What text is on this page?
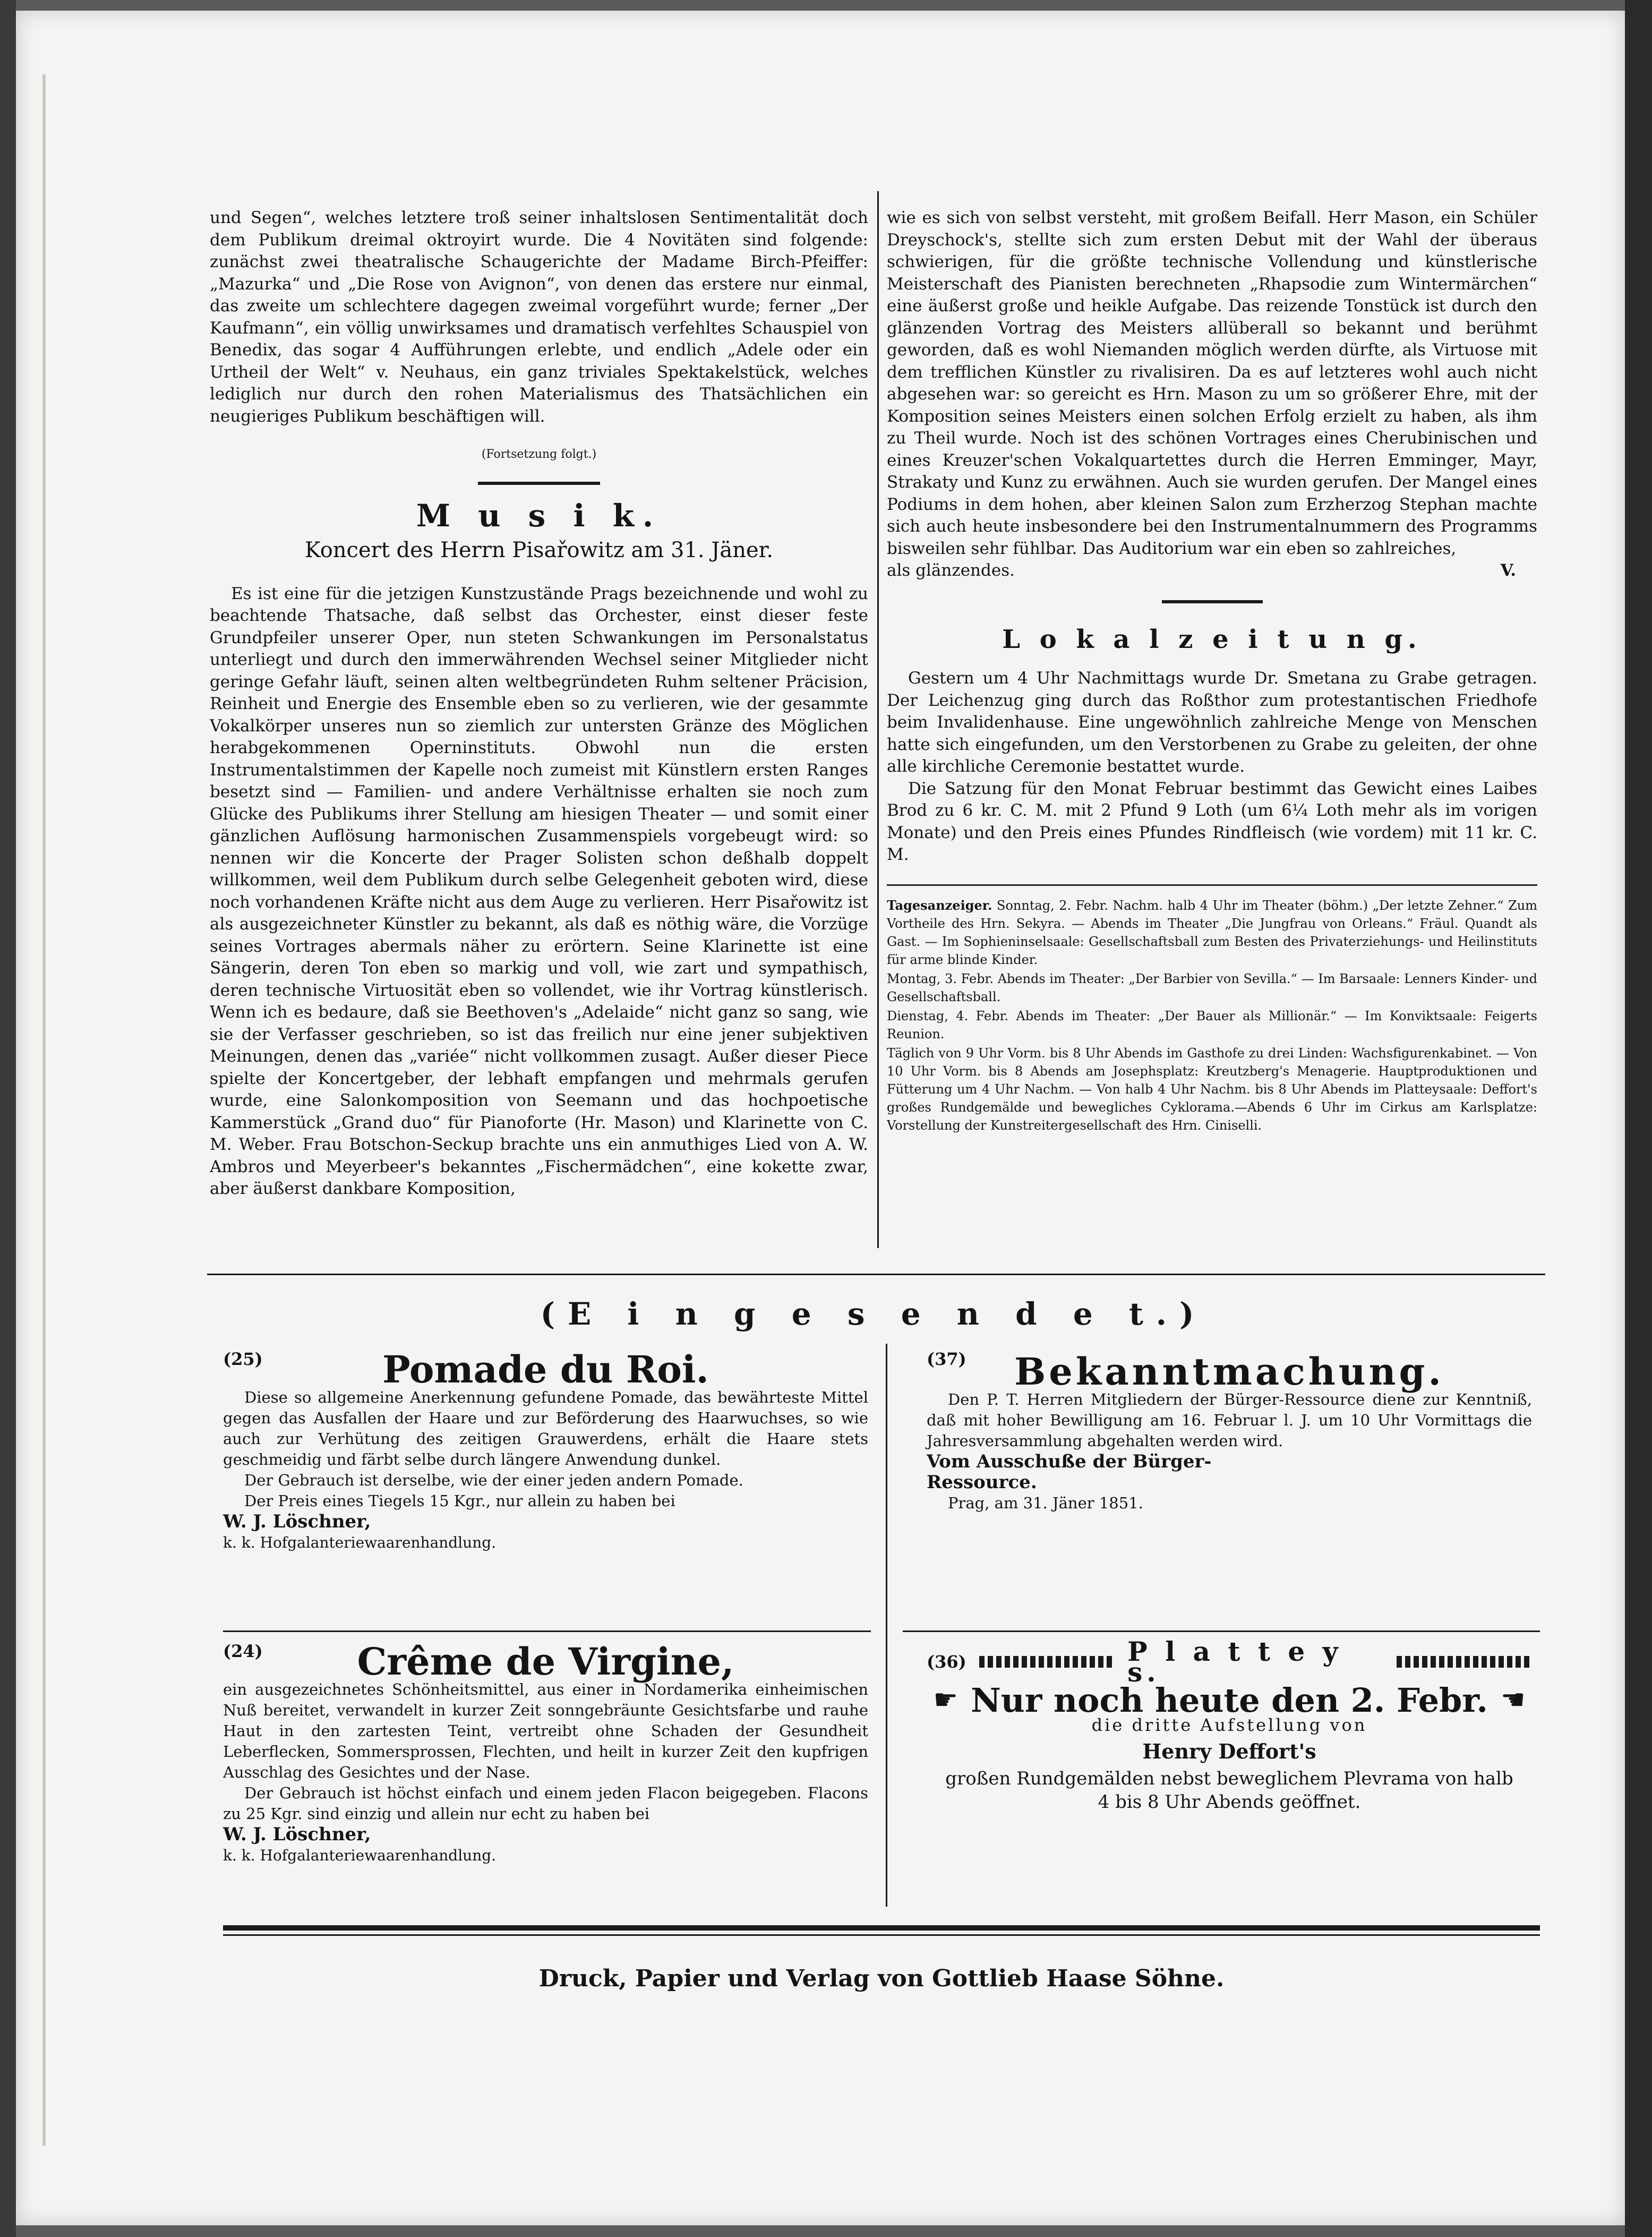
und Segen“, welches letztere troß seiner inhaltslosen Sentimentalität doch dem Publikum dreimal oktroyirt wurde. Die 4 Novitäten sind folgende: zunächst zwei theatralische Schaugerichte der Madame Birch-Pfeiffer: „Mazurka“ und „Die Rose von Avignon“, von denen das erstere nur einmal, das zweite um schlechtere dagegen zweimal vorgeführt wurde; ferner „Der Kaufmann“, ein völlig unwirksames und dramatisch verfehltes Schauspiel von Benedix, das sogar 4 Aufführungen erlebte, und endlich „Adele oder ein Urtheil der Welt“ v. Neuhaus, ein ganz triviales Spektakelstück, welches lediglich nur durch den rohen Materialismus des Thatsächlichen ein neugieriges Publikum beschäftigen will.

(Fortsetzung folgt.)
M u s i k.
Koncert des Herrn Pisařowitz am 31. Jäner.

Es ist eine für die jetzigen Kunstzustände Prags bezeichnende und wohl zu beachtende Thatsache, daß selbst das Orchester, einst dieser feste Grundpfeiler unserer Oper, nun steten Schwankungen im Personalstatus unterliegt und durch den immerwährenden Wechsel seiner Mitglieder nicht geringe Gefahr läuft, seinen alten weltbegründeten Ruhm seltener Präcision, Reinheit und Energie des Ensemble eben so zu verlieren, wie der gesammte Vokalkörper unseres nun so ziemlich zur untersten Gränze des Möglichen herabgekommenen Operninstituts. Obwohl nun die ersten Instrumentalstimmen der Kapelle noch zumeist mit Künstlern ersten Ranges besetzt sind — Familien- und andere Verhältnisse erhalten sie noch zum Glücke des Publikums ihrer Stellung am hiesigen Theater — und somit einer gänzlichen Auflösung harmonischen Zusammenspiels vorgebeugt wird: so nennen wir die Koncerte der Prager Solisten schon deßhalb doppelt willkommen, weil dem Publikum durch selbe Gelegenheit geboten wird, diese noch vorhandenen Kräfte nicht aus dem Auge zu verlieren. Herr Pisařowitz ist als ausgezeichneter Künstler zu bekannt, als daß es nöthig wäre, die Vorzüge seines Vortrages abermals näher zu erörtern. Seine Klarinette ist eine Sängerin, deren Ton eben so markig und voll, wie zart und sympathisch, deren technische Virtuosität eben so vollendet, wie ihr Vortrag künstlerisch. Wenn ich es bedaure, daß sie Beethoven's „Adelaide“ nicht ganz so sang, wie sie der Verfasser geschrieben, so ist das freilich nur eine jener subjektiven Meinungen, denen das „variée“ nicht vollkommen zusagt. Außer dieser Piece spielte der Koncertgeber, der lebhaft empfangen und mehrmals gerufen wurde, eine Salonkomposition von Seemann und das hochpoetische Kammerstück „Grand duo“ für Pianoforte (Hr. Mason) und Klarinette von C. M. Weber. Frau Botschon-Seckup brachte uns ein anmuthiges Lied von A. W. Ambros und Meyerbeer's bekanntes „Fischermädchen“, eine kokette zwar, aber äußerst dankbare Komposition,

wie es sich von selbst versteht, mit großem Beifall. Herr Mason, ein Schüler Dreyschock's, stellte sich zum ersten Debut mit der Wahl der überaus schwierigen, für die größte technische Vollendung und künstlerische Meisterschaft des Pianisten berechneten „Rhapsodie zum Wintermärchen“ eine äußerst große und heikle Aufgabe. Das reizende Tonstück ist durch den glänzenden Vortrag des Meisters allüberall so bekannt und berühmt geworden, daß es wohl Niemanden möglich werden dürfte, als Virtuose mit dem trefflichen Künstler zu rivalisiren. Da es auf letzteres wohl auch nicht abgesehen war: so gereicht es Hrn. Mason zu um so größerer Ehre, mit der Komposition seines Meisters einen solchen Erfolg erzielt zu haben, als ihm zu Theil wurde. Noch ist des schönen Vortrages eines Cherubinischen und eines Kreuzer'schen Vokalquartettes durch die Herren Emminger, Mayr, Strakaty und Kunz zu erwähnen. Auch sie wurden gerufen. Der Mangel eines Podiums in dem hohen, aber kleinen Salon zum Erzherzog Stephan machte sich auch heute insbesondere bei den Instrumentalnummern des Programms bisweilen sehr fühlbar. Das Auditorium war ein eben so zahlreiches,

als glänzendes.	V.
L o k a l z e i t u n g.

Gestern um 4 Uhr Nachmittags wurde Dr. Smetana zu Grabe getragen. Der Leichenzug ging durch das Roßthor zum protestantischen Friedhofe beim Invalidenhause. Eine ungewöhnlich zahlreiche Menge von Menschen hatte sich eingefunden, um den Verstorbenen zu Grabe zu geleiten, der ohne alle kirchliche Ceremonie bestattet wurde.

Die Satzung für den Monat Februar bestimmt das Gewicht eines Laibes Brod zu 6 kr. C. M. mit 2 Pfund 9 Loth (um 6¼ Loth mehr als im vorigen Monate) und den Preis eines Pfundes Rindfleisch (wie vordem) mit 11 kr. C. M.

Tagesanzeiger. Sonntag, 2. Febr. Nachm. halb 4 Uhr im Theater (böhm.) „Der letzte Zehner.“ Zum Vortheile des Hrn. Sekyra. — Abends im Theater „Die Jungfrau von Orleans.“ Fräul. Quandt als Gast. — Im Sophieninselsaale: Gesellschaftsball zum Besten des Privaterziehungs- und Heilinstituts für arme blinde Kinder.

Montag, 3. Febr. Abends im Theater: „Der Barbier von Sevilla.“ — Im Barsaale: Lenners Kinder- und Gesellschaftsball.

Dienstag, 4. Febr. Abends im Theater: „Der Bauer als Millionär.“ — Im Konviktsaale: Feigerts Reunion.

Täglich von 9 Uhr Vorm. bis 8 Uhr Abends im Gasthofe zu drei Linden: Wachsfigurenkabinet. — Von 10 Uhr Vorm. bis 8 Abends am Josephsplatz: Kreutzberg's Menagerie. Hauptproduktionen und Fütterung um 4 Uhr Nachm. — Von halb 4 Uhr Nachm. bis 8 Uhr Abends im Platteysaale: Deffort's großes Rundgemälde und bewegliches Cyklorama.—Abends 6 Uhr im Cirkus am Karlsplatze: Vorstellung der Kunstreitergesellschaft des Hrn. Ciniselli.

(E i n g e s e n d e t.)
(25)	Pomade du Roi.

Diese so allgemeine Anerkennung gefundene Pomade, das bewährteste Mittel gegen das Ausfallen der Haare und zur Beförderung des Haarwuchses, so wie auch zur Verhütung des zeitigen Grauwerdens, erhält die Haare stets geschmeidig und färbt selbe durch längere Anwendung dunkel.

Der Gebrauch ist derselbe, wie der einer jeden andern Pomade.

Der Preis eines Tiegels 15 Kgr., nur allein zu haben bei

W. J. Löschner,

k. k. Hofgalanteriewaarenhandlung.

(24)	Crême de Virgine,

ein ausgezeichnetes Schönheitsmittel, aus einer in Nordamerika einheimischen Nuß bereitet, verwandelt in kurzer Zeit sonngebräunte Gesichtsfarbe und rauhe Haut in den zartesten Teint, vertreibt ohne Schaden der Gesundheit Leberflecken, Sommersprossen, Flechten, und heilt in kurzer Zeit den kupfrigen Ausschlag des Gesichtes und der Nase.

Der Gebrauch ist höchst einfach und einem jeden Flacon beigegeben. Flacons zu 25 Kgr. sind einzig und allein nur echt zu haben bei

W. J. Löschner,

k. k. Hofgalanteriewaarenhandlung.

(37)	Bekanntmachung.

Den P. T. Herren Mitgliedern der Bürger-Ressource diene zur Kenntniß, daß mit hoher Bewilligung am 16. Februar l. J. um 10 Uhr Vormittags die Jahresversammlung abgehalten werden wird.

Vom Ausschuße der Bürger-

Ressource.

Prag, am 31. Jäner 1851.

(36)	P l a t t e y s.
☛ Nur noch heute den 2. Febr. ☚

die dritte Aufstellung von

Henry Deffort's

großen Rundgemälden nebst beweglichem Plevrama von halb 4 bis 8 Uhr Abends geöffnet.

Druck, Papier und Verlag von Gottlieb Haase Söhne.
